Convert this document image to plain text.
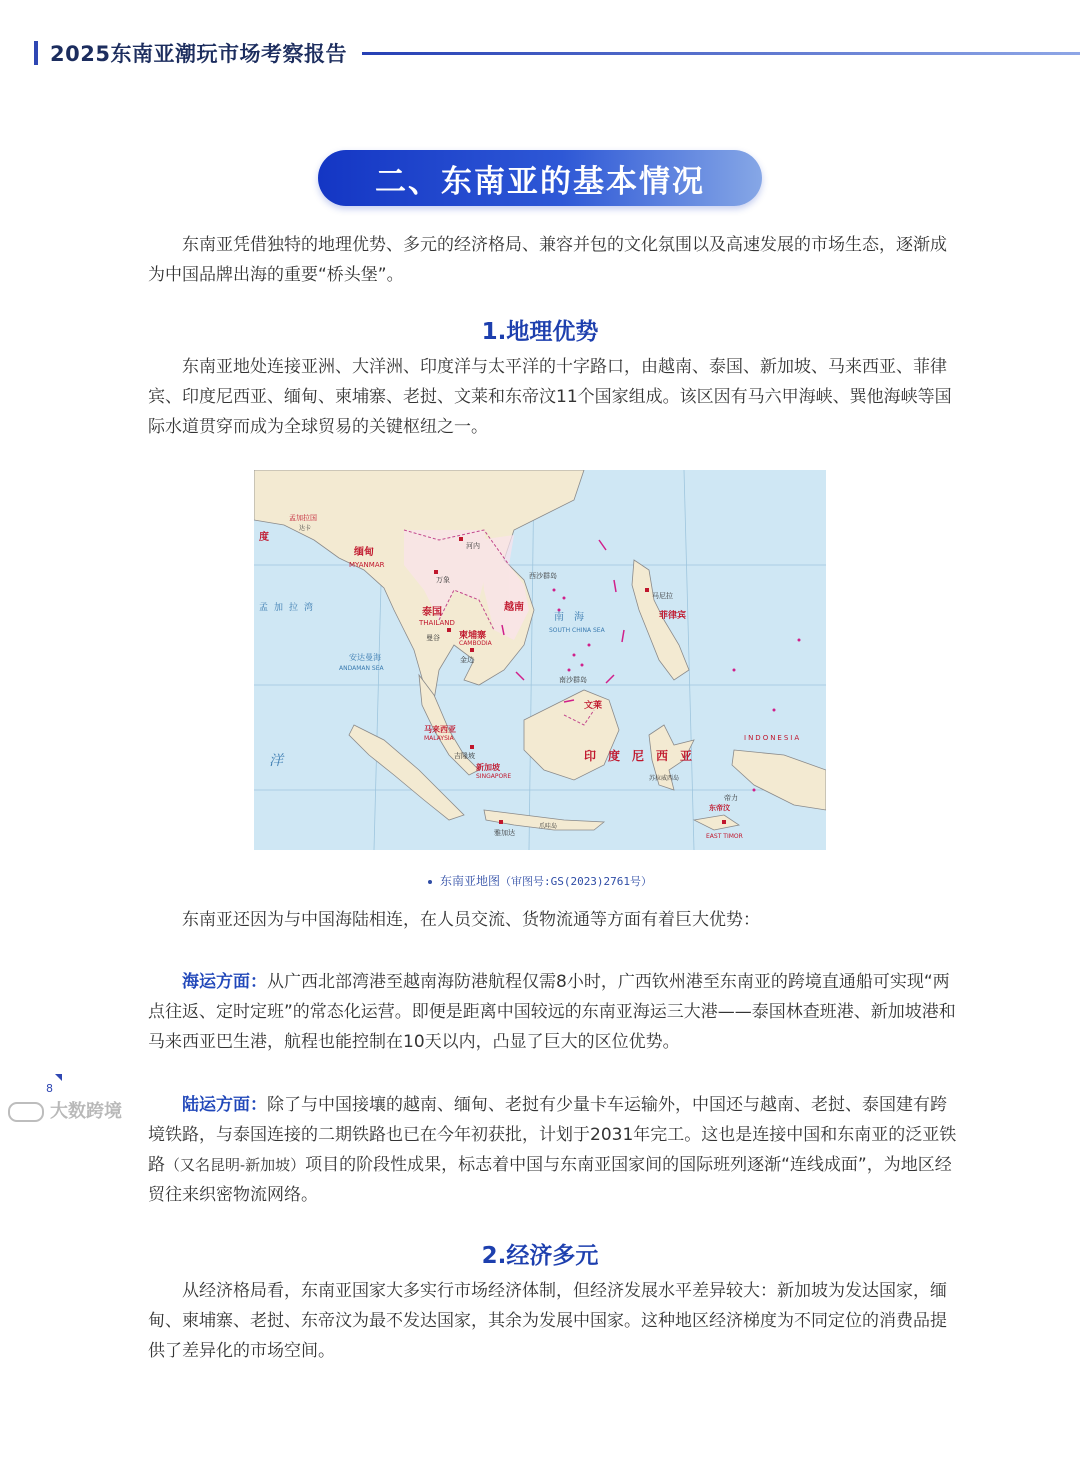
2025东南亚潮玩市场考察报告
二、东南亚的基本情况

东南亚凭借独特的地理优势、多元的经济格局、兼容并包的文化氛围以及高速发展的市场生态，逐渐成为中国品牌出海的重要“桥头堡”。

1.地理优势

东南亚地处连接亚洲、大洋洲、印度洋与太平洋的十字路口，由越南、泰国、新加坡、马来西亚、菲律宾、印度尼西亚、缅甸、柬埔寨、老挝、文莱和东帝汶11个国家组成。该区因有马六甲海峡、巽他海峡等国际水道贯穿而成为全球贸易的关键枢纽之一。

缅甸
MYANMAR
泰国
THAILAND
柬埔寨
CAMBODIA
越南
曼谷
金边
河内
万象
马来西亚
MALAYSIA
吉隆坡
新加坡
SINGAPORE
文莱
菲律宾
马尼拉
印度尼西亚
INDONESIA
雅加达
东帝汶
EAST TIMOR
帝力
南海
SOUTH CHINA SEA
孟加拉湾
安达曼海
ANDAMAN SEA
洋
度
孟加拉国
达卡
西沙群岛
南沙群岛
苏拉威西岛
爪哇岛
东南亚地图（审图号:GS(2023)2761号）

东南亚还因为与中国海陆相连，在人员交流、货物流通等方面有着巨大优势：

海运方面：从广西北部湾港至越南海防港航程仅需8小时，广西钦州港至东南亚的跨境直通船可实现“两点往返、定时定班”的常态化运营。即便是距离中国较远的东南亚海运三大港——泰国林查班港、新加坡港和马来西亚巴生港，航程也能控制在10天以内，凸显了巨大的区位优势。

陆运方面：除了与中国接壤的越南、缅甸、老挝有少量卡车运输外，中国还与越南、老挝、泰国建有跨境铁路，与泰国连接的二期铁路也已在今年初获批，计划于2031年完工。这也是连接中国和东南亚的泛亚铁路（又名昆明-新加坡）项目的阶段性成果，标志着中国与东南亚国家间的国际班列逐渐“连线成面”，为地区经贸往来织密物流网络。

2.经济多元

从经济格局看，东南亚国家大多实行市场经济体制，但经济发展水平差异较大：新加坡为发达国家，缅甸、柬埔寨、老挝、东帝汶为最不发达国家，其余为发展中国家。这种地区经济梯度为不同定位的消费品提供了差异化的市场空间。

8
大数跨境
